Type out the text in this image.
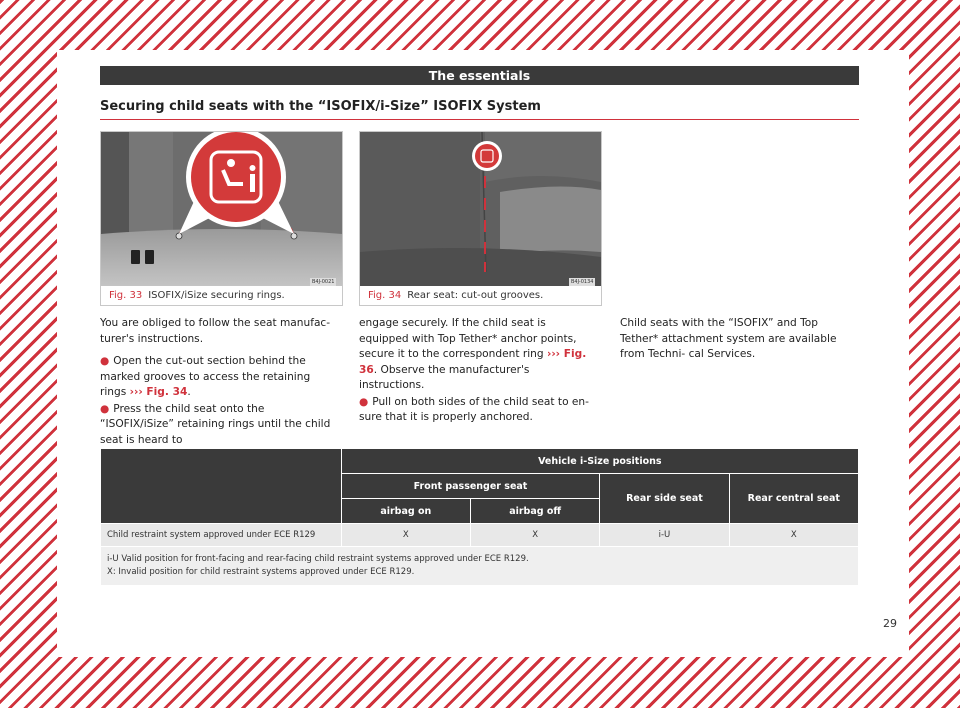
The essentials
Securing child seats with the “ISOFIX/i-Size” ISOFIX System
B4J-0021
Fig. 33 ISOFIX/iSize securing rings.
B4J-0134
Fig. 34 Rear seat: cut-out grooves.

You are obliged to follow the seat manufac- turer's instructions.

● Open the cut-out section behind the marked grooves to access the retaining rings ››› Fig. 34.

● Press the child seat onto the “ISOFIX/iSize” retaining rings until the child seat is heard to

engage securely. If the child seat is equipped with Top Tether* anchor points, secure it to the correspondent ring ››› Fig. 36. Observe the manufacturer's instructions.

● Pull on both sides of the child seat to en- sure that it is properly anchored.

Child seats with the “ISOFIX” and Top Tether* attachment system are available from Techni- cal Services.

	Vehicle i-Size positions			
	Front passenger seat		Rear side seat	Rear central seat
	airbag on	airbag off		
Child restraint system approved under ECE R129	X	X	i-U	X

i-U Valid position for front-facing and rear-facing child restraint systems approved under ECE R129.
X: Invalid position for child restraint systems approved under ECE R129.				
29
